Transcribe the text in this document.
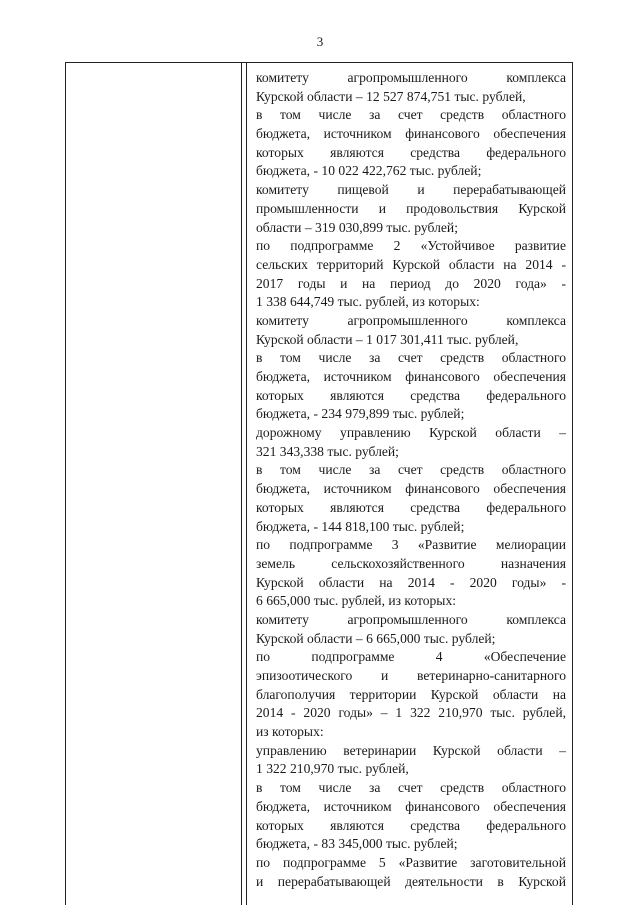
3
комитету агропромышленного комплекса
Курской области – 12 527 874,751 тыс. рублей,
в том числе за счет средств областного
бюджета, источником финансового обеспечения
которых являются средства федерального
бюджета, - 10 022 422,762 тыс. рублей;
комитету пищевой и перерабатывающей
промышленности и продовольствия Курской
области – 319 030,899 тыс. рублей;
по подпрограмме 2 «Устойчивое развитие
сельских территорий Курской области на 2014 -
2017 годы и на период до 2020 года» -
1 338 644,749 тыс. рублей, из которых:
комитету агропромышленного комплекса
Курской области – 1 017 301,411 тыс. рублей,
в том числе за счет средств областного
бюджета, источником финансового обеспечения
которых являются средства федерального
бюджета, - 234 979,899 тыс. рублей;
дорожному управлению Курской области –
321 343,338 тыс. рублей;
в том числе за счет средств областного
бюджета, источником финансового обеспечения
которых являются средства федерального
бюджета, - 144 818,100 тыс. рублей;
по подпрограмме 3 «Развитие мелиорации
земель сельскохозяйственного назначения
Курской области на 2014 - 2020 годы» -
6 665,000 тыс. рублей, из которых:
комитету агропромышленного комплекса
Курской области – 6 665,000 тыс. рублей;
по подпрограмме 4 «Обеспечение
эпизоотического и ветеринарно-санитарного
благополучия территории Курской области на
2014 - 2020 годы» – 1 322 210,970 тыс. рублей,
из которых:
управлению ветеринарии Курской области –
1 322 210,970 тыс. рублей,
в том числе за счет средств областного
бюджета, источником финансового обеспечения
которых являются средства федерального
бюджета, - 83 345,000 тыс. рублей;
по подпрограмме 5 «Развитие заготовительной
и перерабатывающей деятельности в Курской
